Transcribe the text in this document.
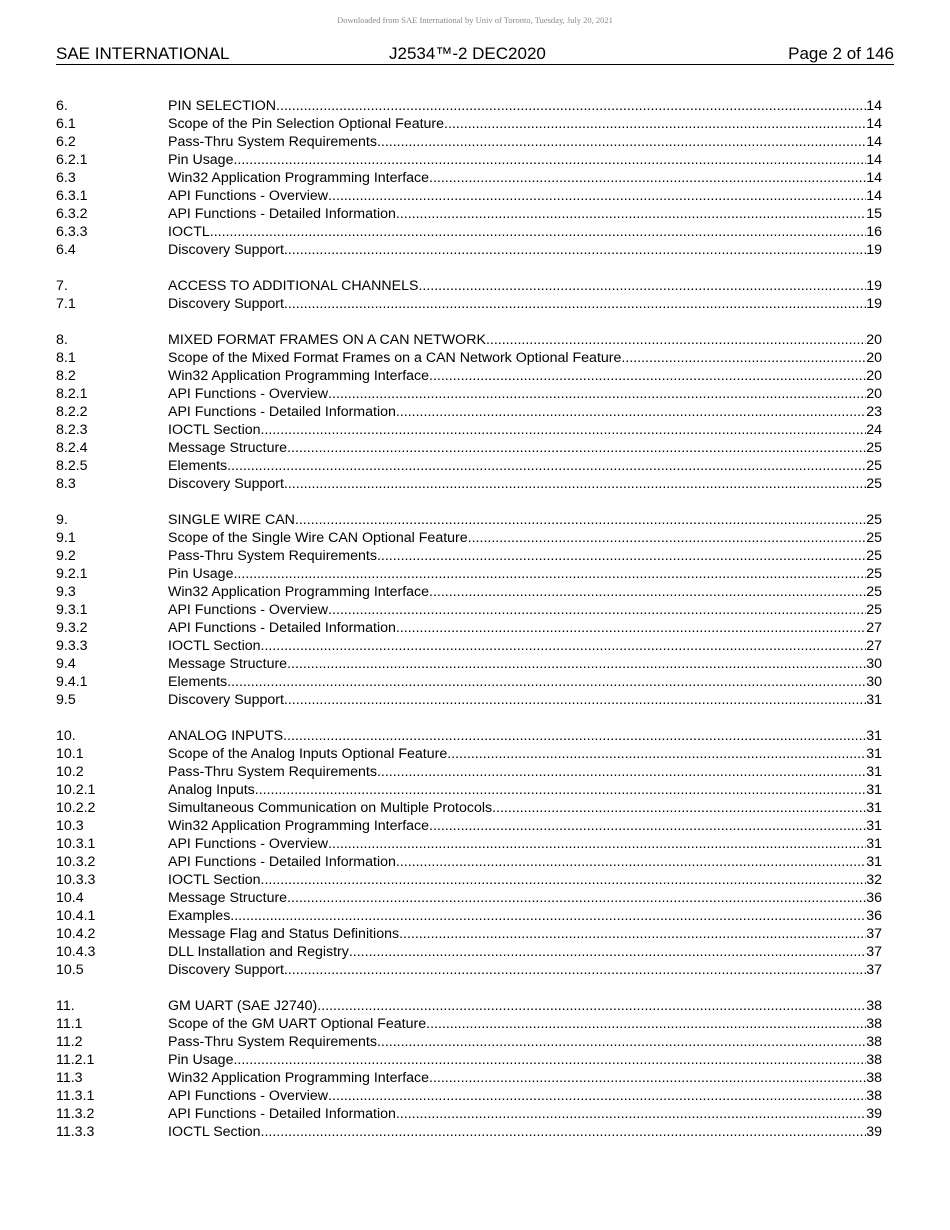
Downloaded from SAE International by Univ of Toronto, Tuesday, July 20, 2021
SAE INTERNATIONAL	J2534™-2 DEC2020	Page 2 of 146
6.	PIN SELECTION .....	14
6.1	Scope of the Pin Selection Optional Feature .....	14
6.2	Pass-Thru System Requirements .....	14
6.2.1	Pin Usage .....	14
6.3	Win32 Application Programming Interface .....	14
6.3.1	API Functions - Overview .....	14
6.3.2	API Functions - Detailed Information .....	15
6.3.3	IOCTL .....	16
6.4	Discovery Support .....	19
7.	ACCESS TO ADDITIONAL CHANNELS .....	19
7.1	Discovery Support .....	19
8.	MIXED FORMAT FRAMES ON A CAN NETWORK .....	20
8.1	Scope of the Mixed Format Frames on a CAN Network Optional Feature .....	20
8.2	Win32 Application Programming Interface .....	20
8.2.1	API Functions - Overview .....	20
8.2.2	API Functions - Detailed Information .....	23
8.2.3	IOCTL Section .....	24
8.2.4	Message Structure .....	25
8.2.5	Elements .....	25
8.3	Discovery Support .....	25
9.	SINGLE WIRE CAN .....	25
9.1	Scope of the Single Wire CAN Optional Feature .....	25
9.2	Pass-Thru System Requirements .....	25
9.2.1	Pin Usage .....	25
9.3	Win32 Application Programming Interface .....	25
9.3.1	API Functions - Overview .....	25
9.3.2	API Functions - Detailed Information .....	27
9.3.3	IOCTL Section .....	27
9.4	Message Structure .....	30
9.4.1	Elements .....	30
9.5	Discovery Support .....	31
10.	ANALOG INPUTS .....	31
10.1	Scope of the Analog Inputs Optional Feature .....	31
10.2	Pass-Thru System Requirements .....	31
10.2.1	Analog Inputs .....	31
10.2.2	Simultaneous Communication on Multiple Protocols .....	31
10.3	Win32 Application Programming Interface .....	31
10.3.1	API Functions - Overview .....	31
10.3.2	API Functions - Detailed Information .....	31
10.3.3	IOCTL Section .....	32
10.4	Message Structure .....	36
10.4.1	Examples .....	36
10.4.2	Message Flag and Status Definitions .....	37
10.4.3	DLL Installation and Registry .....	37
10.5	Discovery Support .....	37
11.	GM UART (SAE J2740) .....	38
11.1	Scope of the GM UART Optional Feature .....	38
11.2	Pass-Thru System Requirements .....	38
11.2.1	Pin Usage .....	38
11.3	Win32 Application Programming Interface .....	38
11.3.1	API Functions - Overview .....	38
11.3.2	API Functions - Detailed Information .....	39
11.3.3	IOCTL Section .....	39
